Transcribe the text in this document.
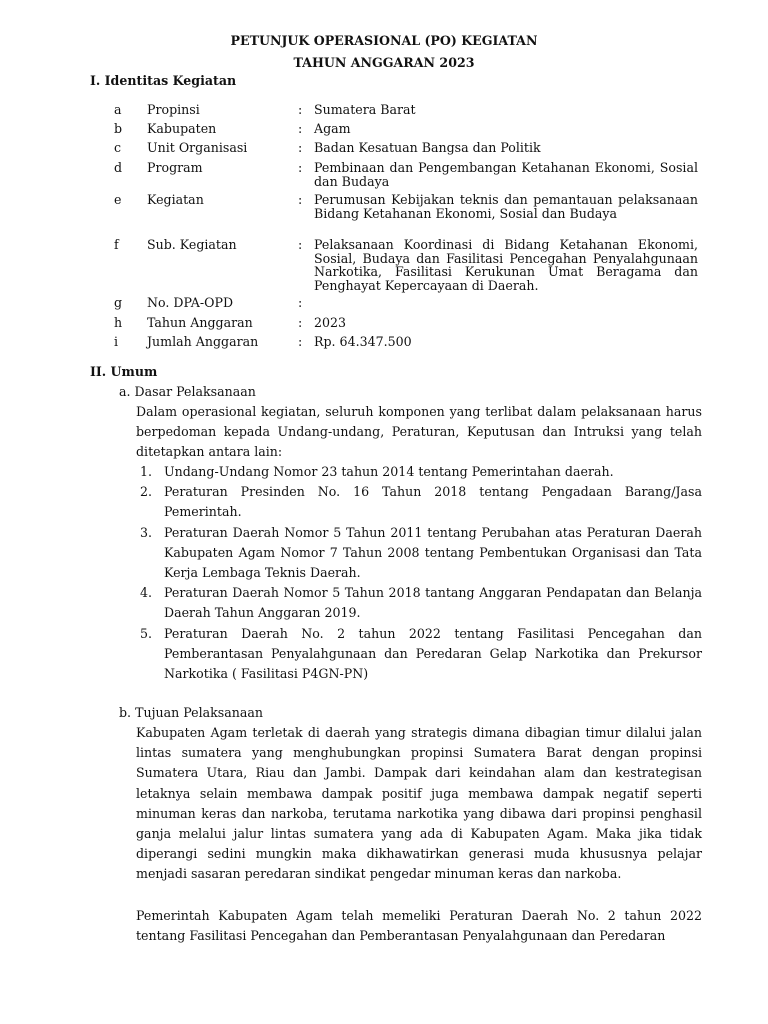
PETUNJUK OPERASIONAL (PO) KEGIATAN
TAHUN ANGGARAN 2023
I. Identitas Kegiatan
a Propinsi	: Sumatera Barat
b Kabupaten	: Agam
c Unit Organisasi	: Badan Kesatuan Bangsa dan Politik
d Program	: Pembinaan dan Pengembangan Ketahanan Ekonomi, Sosial dan Budaya
e Kegiatan	: Perumusan Kebijakan teknis dan pemantauan pelaksanaan Bidang Ketahanan Ekonomi, Sosial dan Budaya
f Sub. Kegiatan	: Pelaksanaan Koordinasi di Bidang Ketahanan Ekonomi, Sosial, Budaya dan Fasilitasi Pencegahan Penyalahgunaan Narkotika, Fasilitasi Kerukunan Umat Beragama dan Penghayat Kepercayaan di Daerah.
g No. DPA-OPD	:
h Tahun Anggaran	: 2023
i Jumlah Anggaran	: Rp. 64.347.500
II. Umum
a. Dasar Pelaksanaan
Dalam operasional kegiatan, seluruh komponen yang terlibat dalam pelaksanaan harus berpedoman kepada Undang-undang, Peraturan, Keputusan dan Intruksi yang telah ditetapkan antara lain:
1. Undang-Undang Nomor 23 tahun 2014 tentang Pemerintahan daerah.
2. Peraturan Presinden No. 16 Tahun 2018 tentang Pengadaan Barang/Jasa Pemerintah.
3. Peraturan Daerah Nomor 5 Tahun 2011 tentang Perubahan atas Peraturan Daerah Kabupaten Agam Nomor 7 Tahun 2008 tentang Pembentukan Organisasi dan Tata Kerja Lembaga Teknis Daerah.
4. Peraturan Daerah Nomor 5 Tahun 2018 tantang Anggaran Pendapatan dan Belanja Daerah Tahun Anggaran 2019.
5. Peraturan Daerah No. 2 tahun 2022 tentang Fasilitasi Pencegahan dan Pemberantasan Penyalahgunaan dan Peredaran Gelap Narkotika dan Prekursor Narkotika ( Fasilitasi P4GN-PN)
b. Tujuan Pelaksanaan
Kabupaten Agam terletak di daerah yang strategis dimana dibagian timur dilalui jalan lintas sumatera yang menghubungkan propinsi Sumatera Barat dengan propinsi Sumatera Utara, Riau dan Jambi. Dampak dari keindahan alam dan kestrategisan letaknya selain membawa dampak positif juga membawa dampak negatif seperti minuman keras dan narkoba, terutama narkotika yang dibawa dari propinsi penghasil ganja melalui jalur lintas sumatera yang ada di Kabupaten Agam. Maka jika tidak diperangi sedini mungkin maka dikhawatirkan generasi muda khususnya pelajar menjadi sasaran peredaran sindikat pengedar minuman keras dan narkoba.
Pemerintah Kabupaten Agam telah memeliki Peraturan Daerah No. 2 tahun 2022 tentang Fasilitasi Pencegahan dan Pemberantasan Penyalahgunaan dan Peredaran
